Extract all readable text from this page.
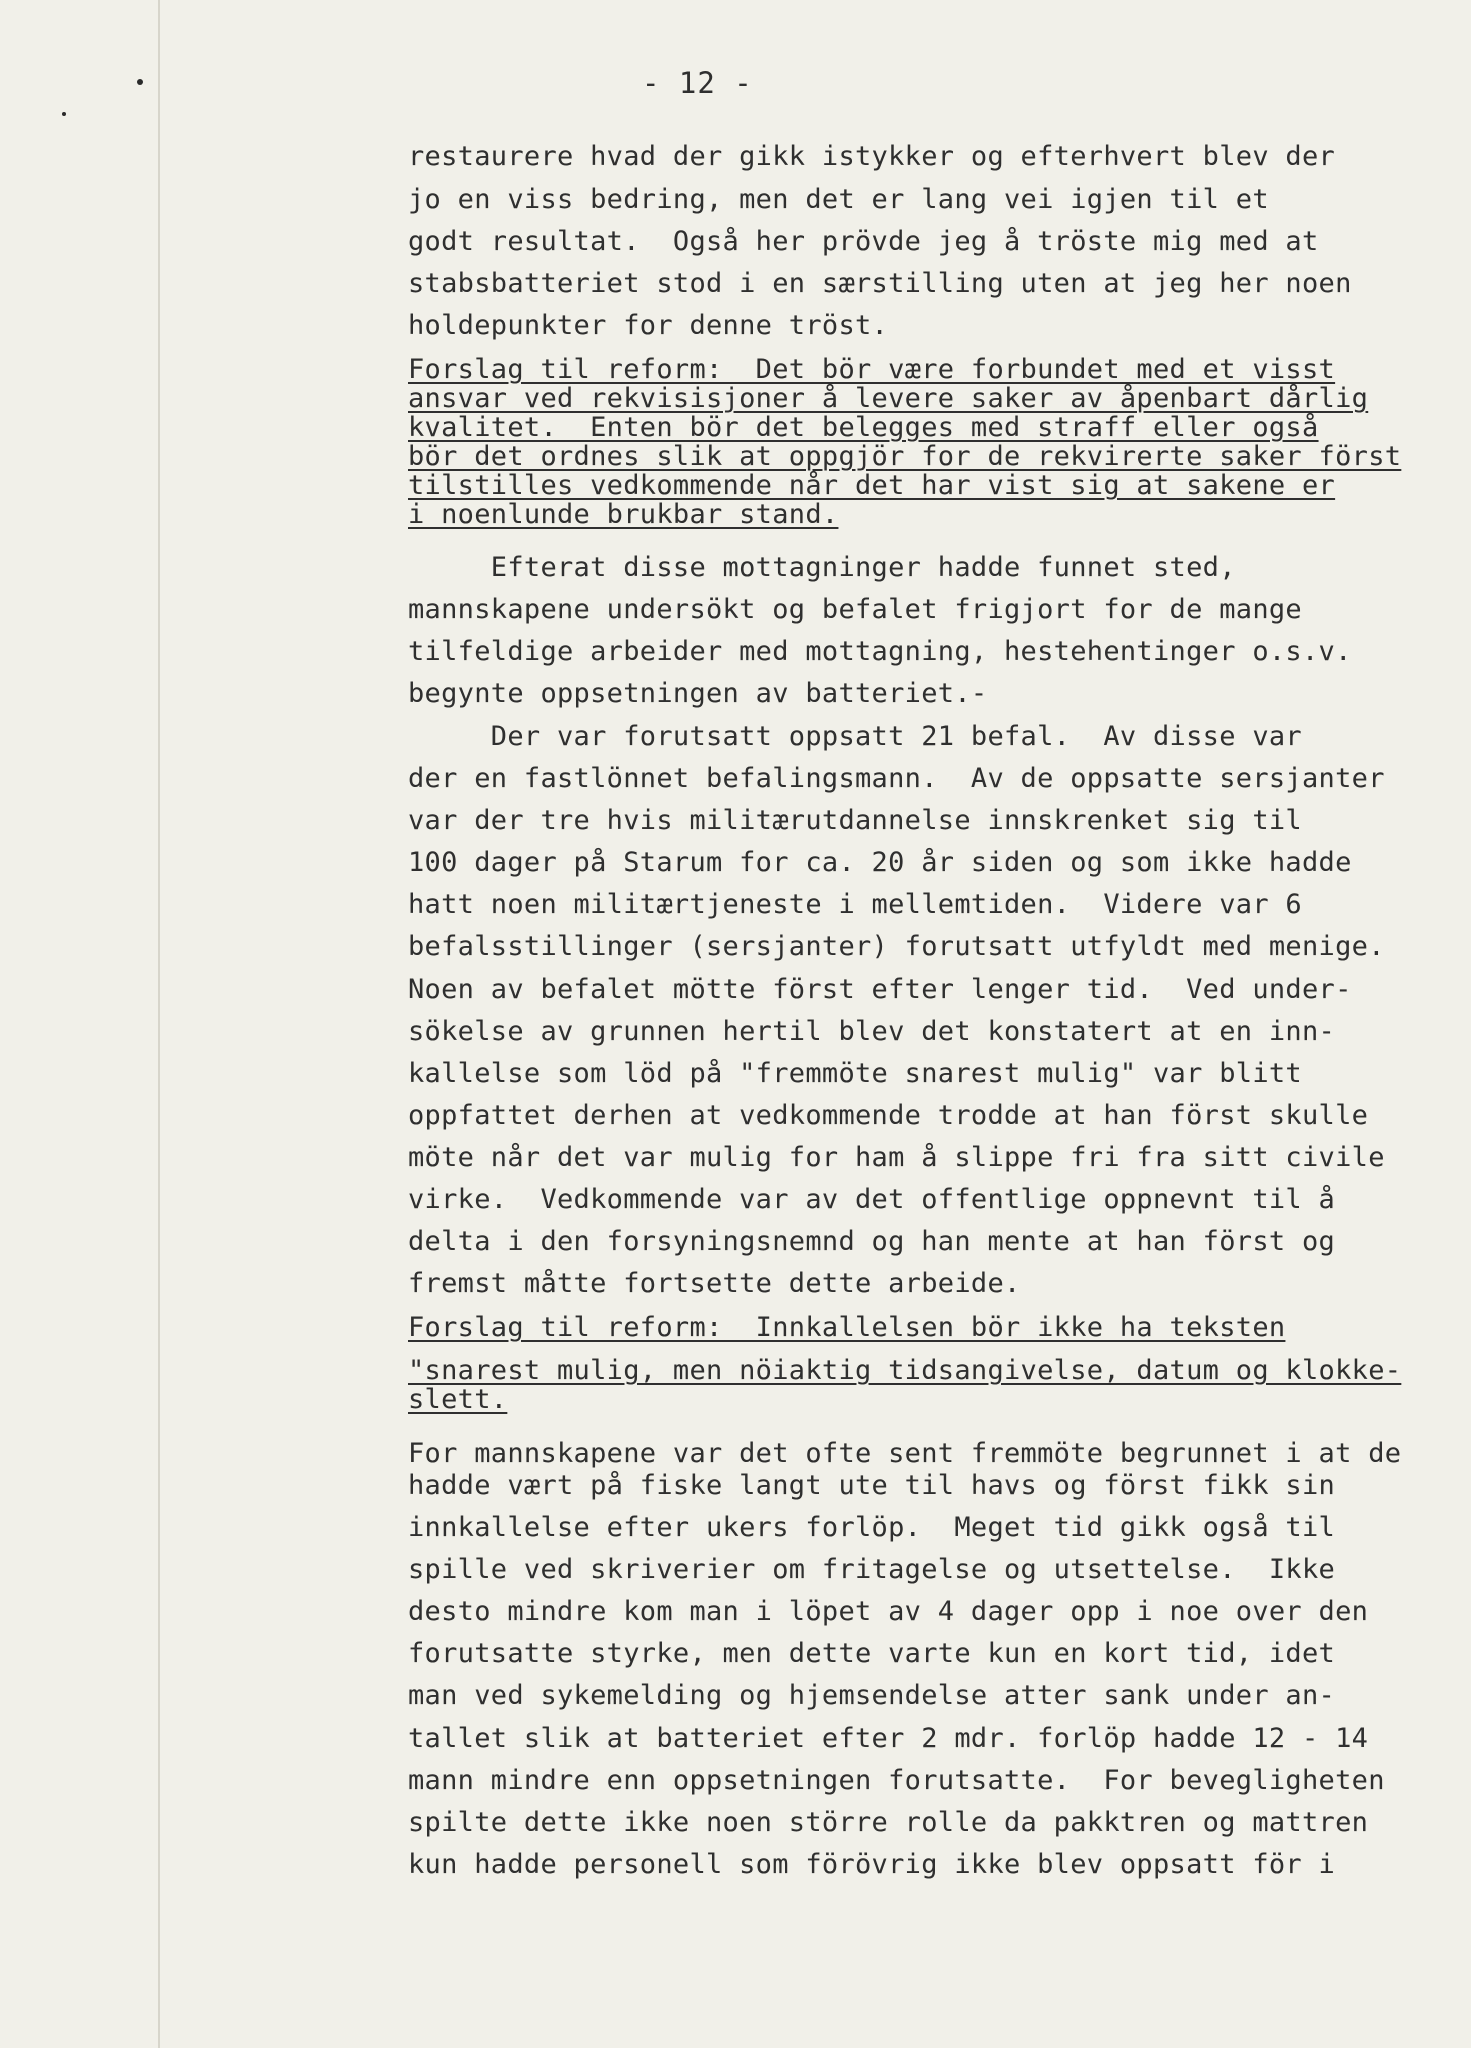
- 12 -
restaurere hvad der gikk istykker og efterhvert blev der
jo en viss bedring, men det er lang vei igjen til et
godt resultat.  Også her prövde jeg å tröste mig med at
stabsbatteriet stod i en særstilling uten at jeg her noen
holdepunkter for denne tröst.
Forslag til reform:  Det bör være forbundet med et visst
ansvar ved rekvisisjoner å levere saker av åpenbart dårlig
kvalitet.  Enten bör det belegges med straff eller også
bör det ordnes slik at oppgjör for de rekvirerte saker först
tilstilles vedkommende når det har vist sig at sakene er
i noenlunde brukbar stand.
Efterat disse mottagninger hadde funnet sted,
mannskapene undersökt og befalet frigjort for de mange
tilfeldige arbeider med mottagning, hestehentinger o.s.v.
begynte oppsetningen av batteriet.-
Der var forutsatt oppsatt 21 befal.  Av disse var
der en fastlönnet befalingsmann.  Av de oppsatte sersjanter
var der tre hvis militærutdannelse innskrenket sig til
100 dager på Starum for ca. 20 år siden og som ikke hadde
hatt noen militærtjeneste i mellemtiden.  Videre var 6
befalsstillinger (sersjanter) forutsatt utfyldt med menige.
Noen av befalet mötte först efter lenger tid.  Ved under-
sökelse av grunnen hertil blev det konstatert at en inn-
kallelse som löd på "fremmöte snarest mulig" var blitt
oppfattet derhen at vedkommende trodde at han först skulle
möte når det var mulig for ham å slippe fri fra sitt civile
virke.  Vedkommende var av det offentlige oppnevnt til å
delta i den forsyningsnemnd og han mente at han först og
fremst måtte fortsette dette arbeide.
Forslag til reform:  Innkallelsen bör ikke ha teksten
"snarest mulig, men nöiaktig tidsangivelse, datum og klokke-
slett.
For mannskapene var det ofte sent fremmöte begrunnet i at de
hadde vært på fiske langt ute til havs og först fikk sin
innkallelse efter ukers forlöp.  Meget tid gikk også til
spille ved skriverier om fritagelse og utsettelse.  Ikke
desto mindre kom man i löpet av 4 dager opp i noe over den
forutsatte styrke, men dette varte kun en kort tid, idet
man ved sykemelding og hjemsendelse atter sank under an-
tallet slik at batteriet efter 2 mdr. forlöp hadde 12 - 14
mann mindre enn oppsetningen forutsatte.  For bevegligheten
spilte dette ikke noen större rolle da pakktren og mattren
kun hadde personell som förövrig ikke blev oppsatt för i
